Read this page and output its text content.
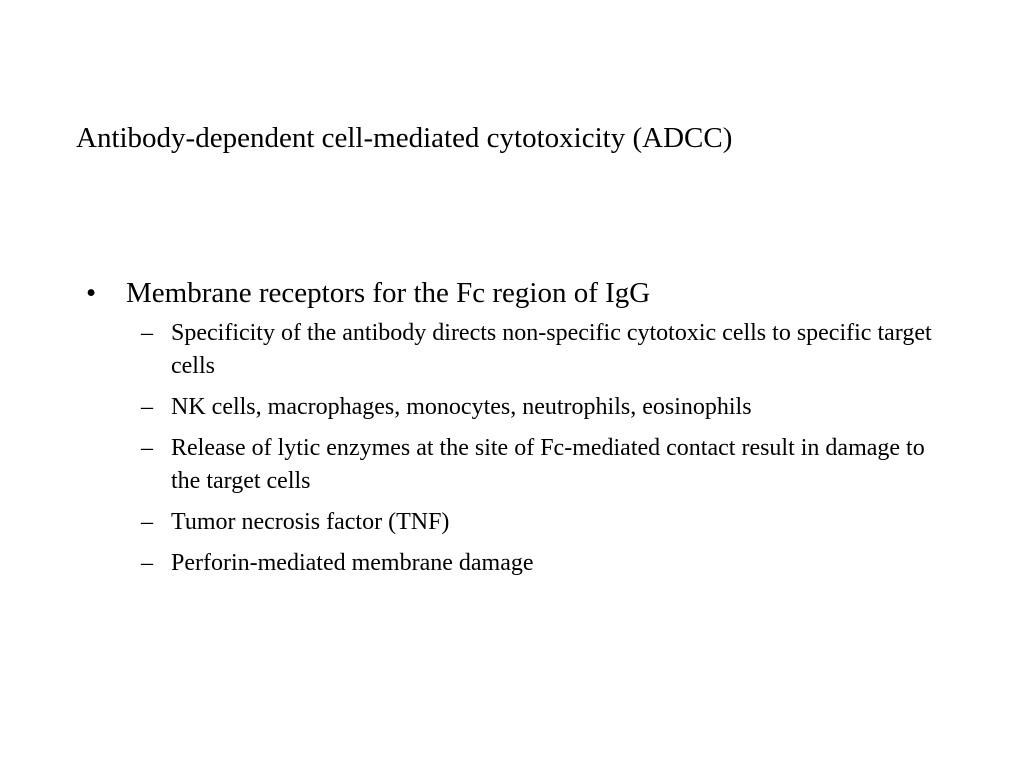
Antibody-dependent cell-mediated cytotoxicity (ADCC)

•	Membrane receptors for the Fc region of IgG

– Specificity of the antibody directs non-specific cytotoxic cells to specific target cells
– NK cells, macrophages, monocytes, neutrophils, eosinophils
– Release of lytic enzymes at the site of Fc-mediated contact result in damage to the target cells
– Tumor necrosis factor (TNF)
– Perforin-mediated membrane damage
